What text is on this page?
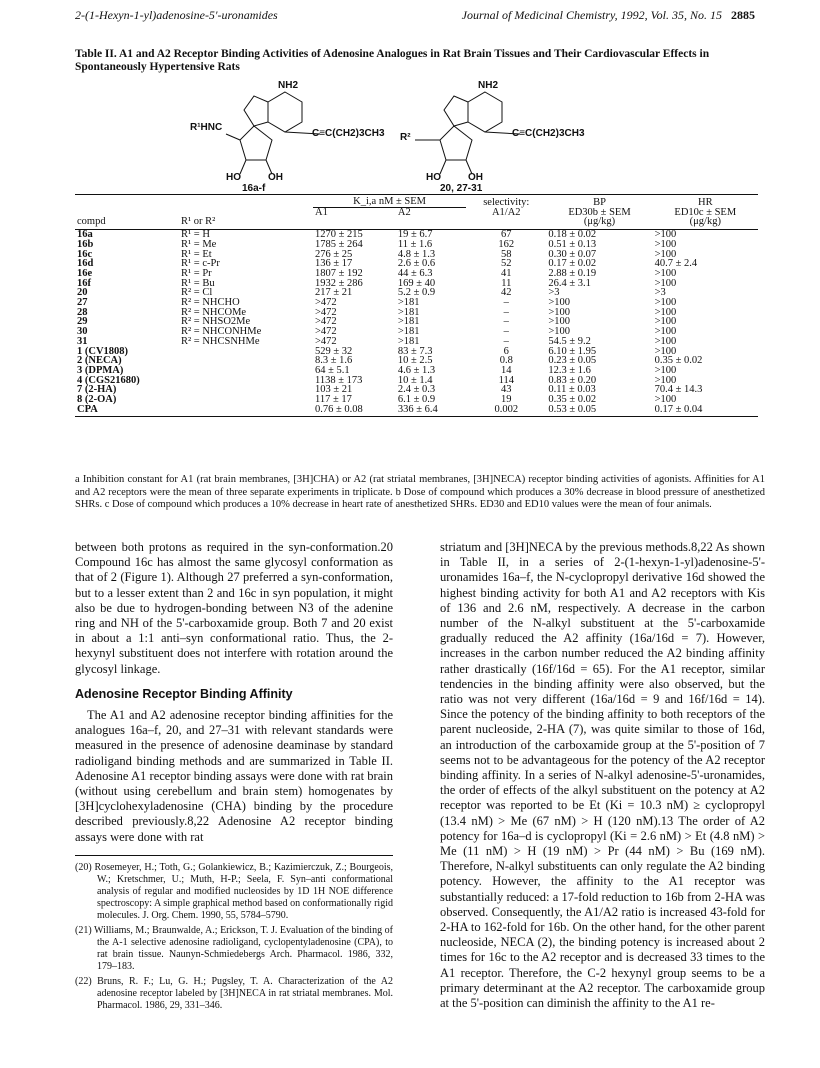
2-(1-Hexyn-1-yl)adenosine-5'-uronamides	Journal of Medicinal Chemistry, 1992, Vol. 35, No. 15 2885
Table II. A1 and A2 Receptor Binding Activities of Adenosine Analogues in Rat Brain Tissues and Their Cardiovascular Effects in Spontaneously Hypertensive Rats
NH2	NH2
R¹HNC
R²
C≡C(CH2)3CH3	C≡C(CH2)3CH3
HO	OH	HO	OH
16a-f	20, 27-31
		K_i,a nM ± SEM		selectivity:	BP	HR
		A1	A2	A1/A2	ED30b ± SEM	ED10c ± SEM
compd	R¹ or R²				(μg/kg)	(μg/kg)
16a	R¹ = H	1270 ± 215	19 ± 6.7	67	0.18 ± 0.02	>100
16b	R¹ = Me	1785 ± 264	11 ± 1.6	162	0.51 ± 0.13	>100
16c	R¹ = Et	276 ± 25	4.8 ± 1.3	58	0.30 ± 0.07	>100
16d	R¹ = c-Pr	136 ± 17	2.6 ± 0.6	52	0.17 ± 0.02	40.7 ± 2.4
16e	R¹ = Pr	1807 ± 192	44 ± 6.3	41	2.88 ± 0.19	>100
16f	R¹ = Bu	1932 ± 286	169 ± 40	11	26.4 ± 3.1	>100
20	R² = Cl	217 ± 21	5.2 ± 0.9	42	>3	>3
27	R² = NHCHO	>472	>181	–	>100	>100
28	R² = NHCOMe	>472	>181	–	>100	>100
29	R² = NHSO2Me	>472	>181	–	>100	>100
30	R² = NHCONHMe	>472	>181	–	>100	>100
31	R² = NHCSNHMe	>472	>181	–	54.5 ± 9.2	>100
1 (CV1808)		529 ± 32	83 ± 7.3	6	6.10 ± 1.95	>100
2 (NECA)		8.3 ± 1.6	10 ± 2.5	0.8	0.23 ± 0.05	0.35 ± 0.02
3 (DPMA)		64 ± 5.1	4.6 ± 1.3	14	12.3 ± 1.6	>100
4 (CGS21680)		1138 ± 173	10 ± 1.4	114	0.83 ± 0.20	>100
7 (2-HA)		103 ± 21	2.4 ± 0.3	43	0.11 ± 0.03	70.4 ± 14.3
8 (2-OA)		117 ± 17	6.1 ± 0.9	19	0.35 ± 0.02	>100
CPA		0.76 ± 0.08	336 ± 6.4	0.002	0.53 ± 0.05	0.17 ± 0.04
a Inhibition constant for A1 (rat brain membranes, [3H]CHA) or A2 (rat striatal membranes, [3H]NECA) receptor binding activities of agonists. Affinities for A1 and A2 receptors were the mean of three separate experiments in triplicate. b Dose of compound which produces a 30% decrease in blood pressure of anesthetized SHRs. c Dose of compound which produces a 10% decrease in heart rate of anesthetized SHRs. ED30 and ED10 values were the mean of four animals.

between both protons as required in the syn-conformation.20 Compound 16c has almost the same glycosyl conformation as that of 2 (Figure 1). Although 27 preferred a syn-conformation, but to a lesser extent than 2 and 16c in syn population, it might also be due to hydrogen-bonding between N3 of the adenine ring and NH of the 5'-carboxamide group. Both 7 and 20 exist in about a 1:1 anti–syn conformational ratio. Thus, the 2-hexynyl substituent does not interfere with rotation around the glycosyl linkage.

Adenosine Receptor Binding Affinity

The A1 and A2 adenosine receptor binding affinities for the analogues 16a–f, 20, and 27–31 with relevant standards were measured in the presence of adenosine deaminase by standard radioligand binding methods and are summarized in Table II. Adenosine A1 receptor binding assays were done with rat brain (without using cerebellum and brain stem) homogenates by [3H]cyclohexyladenosine (CHA) binding by the procedure described previously.8,22 Adenosine A2 receptor binding assays were done with rat

(20) Rosemeyer, H.; Toth, G.; Golankiewicz, B.; Kazimierczuk, Z.; Bourgeois, W.; Kretschmer, U.; Muth, H-P.; Seela, F. Syn–anti conformational analysis of regular and modified nucleosides by 1D 1H NOE difference spectroscopy: A simple graphical method based on conformationally rigid molecules. J. Org. Chem. 1990, 55, 5784–5790.
(21) Williams, M.; Braunwalde, A.; Erickson, T. J. Evaluation of the binding of the A-1 selective adenosine radioligand, cyclopentyladenosine (CPA), to rat brain tissue. Naunyn-Schmiedebergs Arch. Pharmacol. 1986, 332, 179–183.
(22) Bruns, R. F.; Lu, G. H.; Pugsley, T. A. Characterization of the A2 adenosine receptor labeled by [3H]NECA in rat striatal membranes. Mol. Pharmacol. 1986, 29, 331–346.

striatum and [3H]NECA by the previous methods.8,22 As shown in Table II, in a series of 2-(1-hexyn-1-yl)adenosine-5'-uronamides 16a–f, the N-cyclopropyl derivative 16d showed the highest binding activity for both A1 and A2 receptors with Kis of 136 and 2.6 nM, respectively. A decrease in the carbon number of the N-alkyl substituent at the 5'-carboxamide gradually reduced the A2 affinity (16a/16d = 7). However, increases in the carbon number reduced the A2 binding affinity rather drastically (16f/16d = 65). For the A1 receptor, similar tendencies in the binding affinity were also observed, but the ratio was not very different (16a/16d = 9 and 16f/16d = 14). Since the potency of the binding affinity to both receptors of the parent nucleoside, 2-HA (7), was quite similar to those of 16d, an introduction of the carboxamide group at the 5'-position of 7 seems not to be advantageous for the potency of the A2 receptor binding affinity. In a series of N-alkyl adenosine-5'-uronamides, the order of effects of the alkyl substituent on the potency at A2 receptor was reported to be Et (Ki = 10.3 nM) ≥ cyclopropyl (13.4 nM) > Me (67 nM) > H (120 nM).13 The order of A2 potency for 16a–d is cyclopropyl (Ki = 2.6 nM) > Et (4.8 nM) > Me (11 nM) > H (19 nM) > Pr (44 nM) > Bu (169 nM). Therefore, N-alkyl substituents can only regulate the A2 binding potency. However, the affinity to the A1 receptor was substantially reduced: a 17-fold reduction to 16b from 2-HA was observed. Consequently, the A1/A2 ratio is increased 43-fold for 2-HA to 162-fold for 16b. On the other hand, for the other parent nucleoside, NECA (2), the binding potency is increased about 2 times for 16c to the A2 receptor and is decreased 33 times to the A1 receptor. Therefore, the C-2 hexynyl group seems to be a primary determinant at the A2 receptor. The carboxamide group at the 5'-position can diminish the affinity to the A1 re-
